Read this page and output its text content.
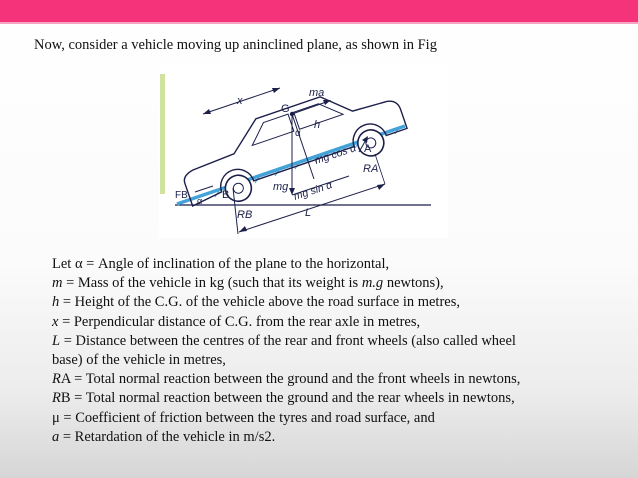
Now, consider a vehicle moving up aninclined plane, as shown in Fig

x
G
ma
α
mg
h
mg cos α
mg sin α
A
RA
FB α B
RB	L
Let α = Angle of inclination of the plane to the horizontal,
m = Mass of the vehicle in kg (such that its weight is m.g newtons),
h = Height of the C.G. of the vehicle above the road surface in metres,
x = Perpendicular distance of C.G. from the rear axle in metres,
L = Distance between the centres of the rear and front wheels (also called wheel
base) of the vehicle in metres,
RA = Total normal reaction between the ground and the front wheels in newtons,
RB = Total normal reaction between the ground and the rear wheels in newtons,
μ = Coefficient of friction between the tyres and road surface, and
a = Retardation of the vehicle in m/s2.
